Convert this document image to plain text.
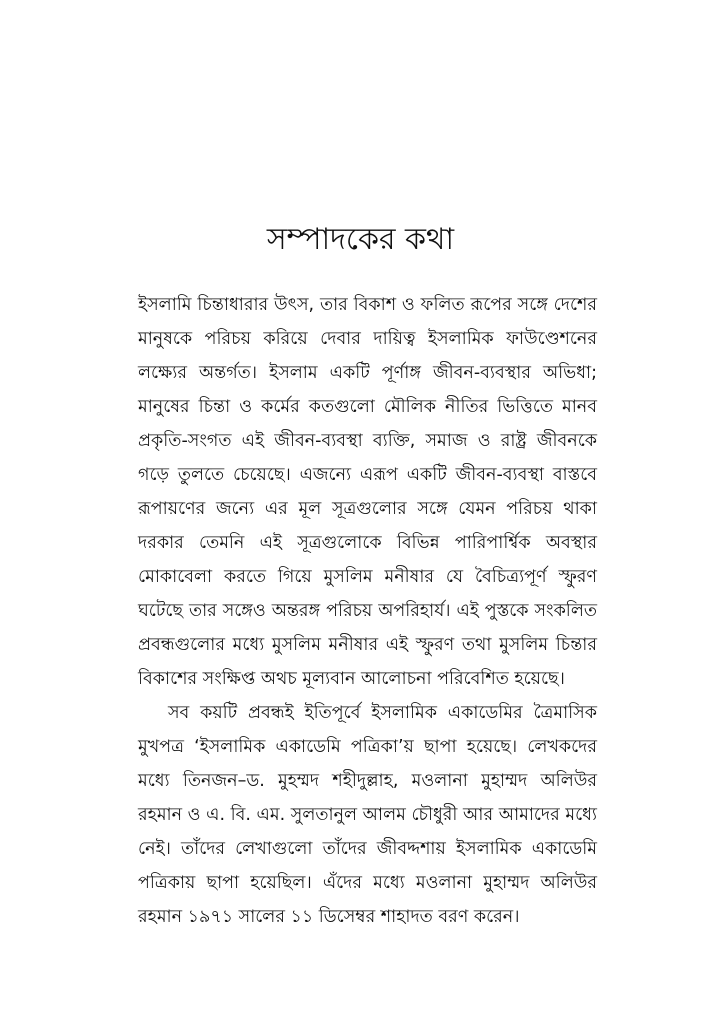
সম্পাদকের কথা

ইসলামি চিন্তাধারার উৎস, তার বিকাশ ও ফলিত রূপের সঙ্গে দেশের মানুষকে পরিচয় করিয়ে দেবার দায়িত্ব ইসলামিক ফাউণ্ডেশনের লক্ষ্যের অন্তর্গত। ইসলাম একটি পূর্ণাঙ্গ জীবন-ব্যবস্থার অভিধা; মানুষের চিন্তা ও কর্মের কতগুলো মৌলিক নীতির ভিত্তিতে মানব প্রকৃতি-সংগত এই জীবন-ব্যবস্থা ব্যক্তি, সমাজ ও রাষ্ট্র জীবনকে গড়ে তুলতে চেয়েছে। এজন্যে এরূপ একটি জীবন-ব্যবস্থা বাস্তবে রূপায়ণের জন্যে এর মূল সূত্রগুলোর সঙ্গে যেমন পরিচয় থাকা দরকার তেমনি এই সূত্রগুলোকে বিভিন্ন পারিপার্শ্বিক অবস্থার মোকাবেলা করতে গিয়ে মুসলিম মনীষার যে বৈচিত্র্যপূর্ণ স্ফুরণ ঘটেছে তার সঙ্গেও অন্তরঙ্গ পরিচয় অপরিহার্য। এই পুস্তকে সংকলিত প্রবন্ধগুলোর মধ্যে মুসলিম মনীষার এই স্ফুরণ তথা মুসলিম চিন্তার বিকাশের সংক্ষিপ্ত অথচ মূল্যবান আলোচনা পরিবেশিত হয়েছে।

সব কয়টি প্রবন্ধই ইতিপূর্বে ইসলামিক একাডেমির ত্রৈমাসিক মুখপত্র ‘ইসলামিক একাডেমি পত্রিকা’য় ছাপা হয়েছে। লেখকদের মধ্যে তিনজন–ড. মুহম্মদ শহীদুল্লাহ, মওলানা মুহাম্মদ অলিউর রহমান ও এ. বি. এম. সুলতানুল আলম চৌধুরী আর আমাদের মধ্যে নেই। তাঁদের লেখাগুলো তাঁদের জীবদ্দশায় ইসলামিক একাডেমি পত্রিকায় ছাপা হয়েছিল। এঁদের মধ্যে মওলানা মুহাম্মদ অলিউর রহমান ১৯৭১ সালের ১১ ডিসেম্বর শাহাদত বরণ করেন।
